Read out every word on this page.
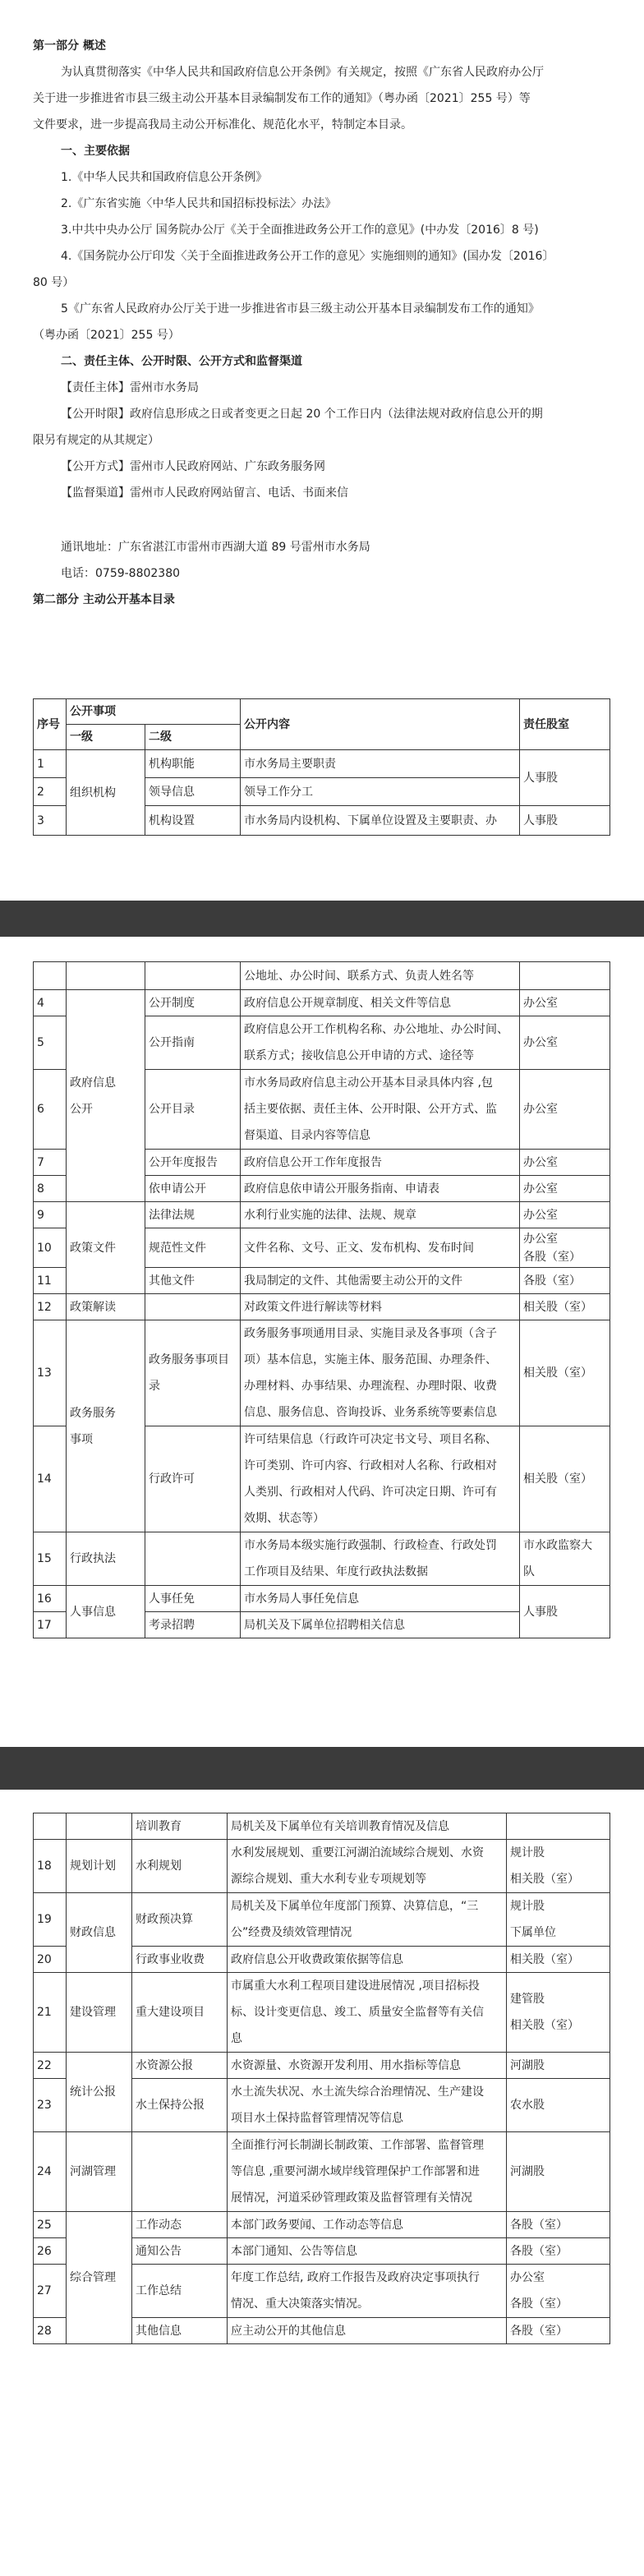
第一部分 概述

为认真贯彻落实《中华人民共和国政府信息公开条例》有关规定，按照《广东省人民政府办公厅

关于进一步推进省市县三级主动公开基本目录编制发布工作的通知》（粤办函〔2021〕255 号）等

文件要求，进一步提高我局主动公开标准化、规范化水平，特制定本目录。

一、主要依据

1.《中华人民共和国政府信息公开条例》

2.《广东省实施〈中华人民共和国招标投标法〉办法》

3.中共中央办公厅 国务院办公厅《关于全面推进政务公开工作的意见》(中办发〔2016〕8 号)

4.《国务院办公厅印发〈关于全面推进政务公开工作的意见〉实施细则的通知》(国办发〔2016〕

80 号）

5《广东省人民政府办公厅关于进一步推进省市县三级主动公开基本目录编制发布工作的通知》

（粤办函〔2021〕255 号）

二、责任主体、公开时限、公开方式和监督渠道

【责任主体】雷州市水务局

【公开时限】政府信息形成之日或者变更之日起 20 个工作日内（法律法规对政府信息公开的期

限另有规定的从其规定）

【公开方式】雷州市人民政府网站、广东政务服务网

【监督渠道】雷州市人民政府网站留言、电话、书面来信

通讯地址：广东省湛江市雷州市西湖大道 89 号雷州市水务局

电话：0759-8802380

第二部分 主动公开基本目录

序号	公开事项		公开内容	责任股室
	一级	二级		
1	组织机构	机构职能	市水务局主要职责	人事股
2		领导信息	领导工作分工	
3		机构设置	市水务局内设机构、下属单位设置及主要职责、办	人事股
			公地址、办公时间、联系方式、负责人姓名等	
4	政府信息
公开	公开制度	政府信息公开规章制度、相关文件等信息	办公室
5		公开指南	政府信息公开工作机构名称、办公地址、办公时间、
联系方式；接收信息公开申请的方式、途径等	办公室
6		公开目录	市水务局政府信息主动公开基本目录具体内容 ,包
括主要依据、责任主体、公开时限、公开方式、监
督渠道、目录内容等信息	办公室
7		公开年度报告	政府信息公开工作年度报告	办公室
8		依申请公开	政府信息依申请公开服务指南、申请表	办公室
9	政策文件	法律法规	水利行业实施的法律、法规、规章	办公室
10		规范性文件	文件名称、文号、正文、发布机构、发布时间	办公室
各股（室）
11		其他文件	我局制定的文件、其他需要主动公开的文件	各股（室）
12	政策解读		对政策文件进行解读等材料	相关股（室）
13	政务服务
事项	政务服务事项目
录	政务服务事项通用目录、实施目录及各事项（含子
项）基本信息，实施主体、服务范围、办理条件、
办理材料、办事结果、办理流程、办理时限、收费
信息、服务信息、咨询投诉、业务系统等要素信息	相关股（室）
14		行政许可	许可结果信息（行政许可决定书文号、项目名称、
许可类别、许可内容、行政相对人名称、行政相对
人类别、行政相对人代码、许可决定日期、许可有
效期、状态等）	相关股（室）
15	行政执法		市水务局本级实施行政强制、行政检查、行政处罚
工作项目及结果、年度行政执法数据	市水政监察大
队
16	人事信息	人事任免	市水务局人事任免信息	人事股
17		考录招聘	局机关及下属单位招聘相关信息	
		培训教育	局机关及下属单位有关培训教育情况及信息	
18	规划计划	水利规划	水利发展规划、重要江河湖泊流域综合规划、水资
源综合规划、重大水利专业专项规划等	规计股
相关股（室）
19	财政信息	财政预决算	局机关及下属单位年度部门预算、决算信息，“三
公”经费及绩效管理情况	规计股
下属单位
20		行政事业收费	政府信息公开收费政策依据等信息	相关股（室）
21	建设管理	重大建设项目	市属重大水利工程项目建设进展情况 ,项目招标投
标、设计变更信息、竣工、质量安全监督等有关信
息	建管股
相关股（室）
22	统计公报	水资源公报	水资源量、水资源开发利用、用水指标等信息	河湖股
23		水土保持公报	水土流失状况、水土流失综合治理情况、生产建设
项目水土保持监督管理情况等信息	农水股
24	河湖管理		全面推行河长制湖长制政策、工作部署、监督管理
等信息 ,重要河湖水域岸线管理保护工作部署和进
展情况，河道采砂管理政策及监督管理有关情况	河湖股
25	综合管理	工作动态	本部门政务要闻、工作动态等信息	各股（室）
26		通知公告	本部门通知、公告等信息	各股（室）
27		工作总结	年度工作总结, 政府工作报告及政府决定事项执行
情况、重大决策落实情况。	办公室
各股（室）
28		其他信息	应主动公开的其他信息	各股（室）
